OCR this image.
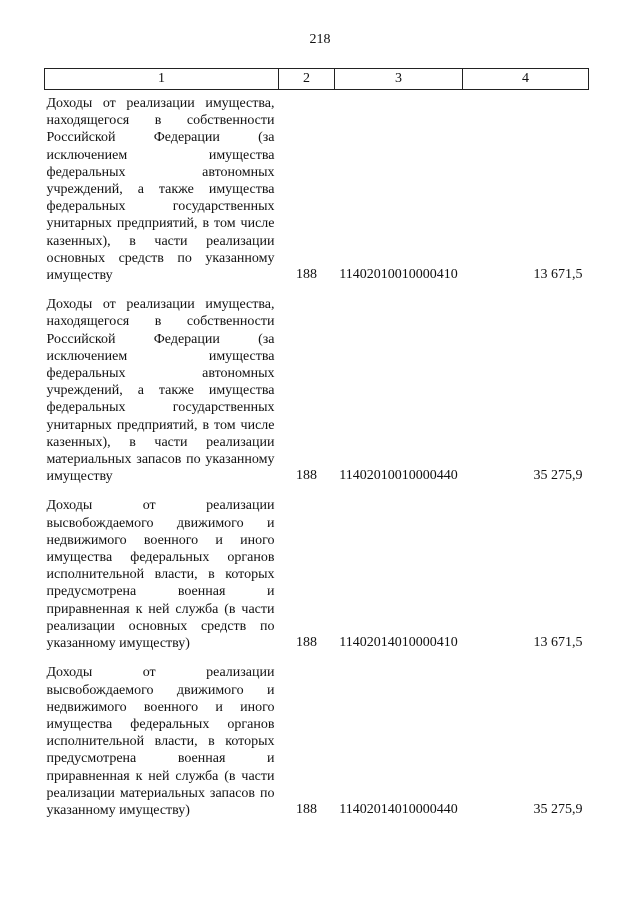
218
1	2	3	4
Доходы от реализации имущества, находящегося в собственности Российской Федерации (за исключением имущества федеральных автономных учреждений, а также имущества федеральных государственных унитарных предприятий, в том числе казенных), в части реализации основных средств по указанному имуществу	188	11402010010000410	13 671,5
Доходы от реализации имущества, находящегося в собственности Российской Федерации (за исключением имущества федеральных автономных учреждений, а также имущества федеральных государственных унитарных предприятий, в том числе казенных), в части реализации материальных запасов по указанному имуществу	188	11402010010000440	35 275,9
Доходы от реализации высвобождаемого движимого и недвижимого военного и иного имущества федеральных органов исполнительной власти, в которых предусмотрена военная и приравненная к ней служба (в части реализации основных средств по указанному имуществу)	188	11402014010000410	13 671,5
Доходы от реализации высвобождаемого движимого и недвижимого военного и иного имущества федеральных органов исполнительной власти, в которых предусмотрена военная и приравненная к ней служба (в части реализации материальных запасов по указанному имуществу)	188	11402014010000440	35 275,9
